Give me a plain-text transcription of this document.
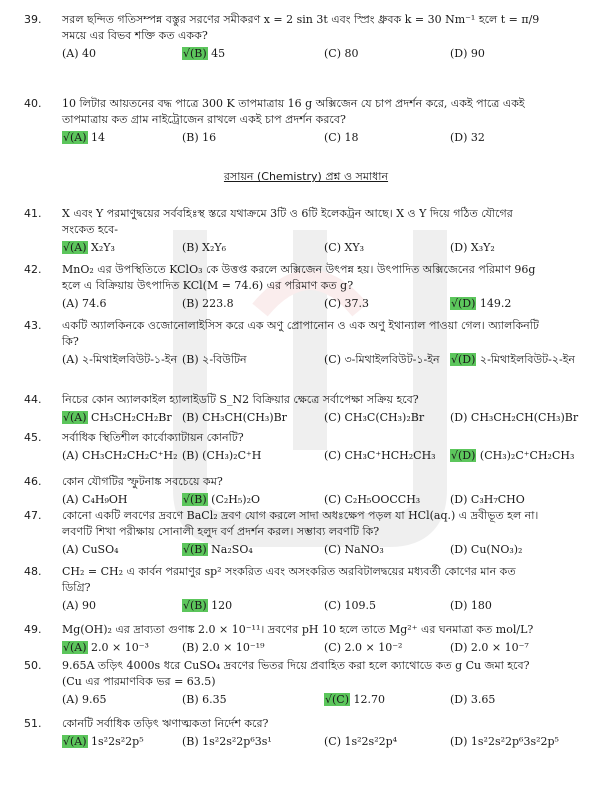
রসায়ন (Chemistry) প্রশ্ন ও সমাধান
39.	সরল ছন্দিত গতিসম্পন্ন বস্তুর সরণের সমীকরণ x = 2 sin 3t এবং স্প্রিং ধ্রুবক k = 30 Nm⁻¹ হলে t = π/9
সময়ে এর বিভব শক্তি কত একক?
(A) 40	√(B) 45	(C) 80	(D) 90
40.	10 লিটার আয়তনের বদ্ধ পাত্রে 300 K তাপমাত্রায় 16 g অক্সিজেন যে চাপ প্রদর্শন করে, একই পাত্রে একই
তাপমাত্রায় কত গ্রাম নাইট্রোজেন রাখলে একই চাপ প্রদর্শন করবে?
√(A) 14	(B) 16	(C) 18	(D) 32
41.	X এবং Y পরমাণুদ্বয়ের সর্ববহিঃস্থ স্তরে যথাক্রমে 3টি ও 6টি ইলেকট্রন আছে। X ও Y দিয়ে গঠিত যৌগের
সংকেত হবে-
√(A) X₂Y₃	(B) X₂Y₆	(C) XY₃	(D) X₃Y₂
42.	MnO₂ এর উপস্থিতিতে KClO₃ কে উত্তপ্ত করলে অক্সিজেন উৎপন্ন হয়। উৎপাদিত অক্সিজেনের পরিমাণ 96g
হলে এ বিক্রিয়ায় উৎপাদিত KCl(M = 74.6) এর পরিমাণ কত g?
(A) 74.6	(B) 223.8	(C) 37.3	√(D) 149.2
43.	একটি অ্যালকিনকে ওজোনোলাইসিস করে এক অণু প্রোপানোন ও এক অণু ইথান্যাল পাওয়া গেল। অ্যালকিনটি
কি?
(A) ২-মিথাইলবিউট-১-ইন (B) ২-বিউটিন	(C) ৩-মিথাইলবিউট-১-ইন √(D) ২-মিথাইলবিউট-২-ইন
44.	নিচের কোন অ্যালকাইল হ্যালাইডটি S_N2 বিক্রিয়ার ক্ষেত্রে সর্বাপেক্ষা সক্রিয় হবে?
√(A) CH₃CH₂CH₂Br (B) CH₃CH(CH₃)Br	(C) CH₃C(CH₃)₂Br (D) CH₃CH₂CH(CH₃)Br
45.	সর্বাধিক স্থিতিশীল কার্বোক্যাটায়ন কোনটি?
(A) CH₃CH₂CH₂C⁺H₂ (B) (CH₃)₂C⁺H	(C) CH₃C⁺HCH₂CH₃ √(D) (CH₃)₂C⁺CH₂CH₃
46.	কোন যৌগটির স্ফুটনাঙ্ক সবচেয়ে কম?
(A) C₄H₉OH	√(B) (C₂H₅)₂O	(C) C₂H₅OOCCH₃	(D) C₃H₇CHO
47.	কোনো একটি লবণের দ্রবণে BaCl₂ দ্রবণ যোগ করলে সাদা অধঃক্ষেপ পড়ল যা HCl(aq.) এ দ্রবীভূত হল না।
লবণটি শিখা পরীক্ষায় সোনালী হলুদ বর্ণ প্রদর্শন করল। সম্ভাব্য লবণটি কি?
(A) CuSO₄	√(B) Na₂SO₄	(C) NaNO₃	(D) Cu(NO₃)₂
48.	CH₂ = CH₂ এ কার্বন পরমাণুর sp² সংকরিত এবং অসংকরিত অরবিটালদ্বয়ের মধ্যবর্তী কোণের মান কত
ডিগ্রি?
(A) 90	√(B) 120	(C) 109.5	(D) 180
49.	Mg(OH)₂ এর দ্রাব্যতা গুণাঙ্ক 2.0 × 10⁻¹¹। দ্রবণের pH 10 হলে তাতে Mg²⁺ এর ঘনমাত্রা কত mol/L?
√(A) 2.0 × 10⁻³	(B) 2.0 × 10⁻¹⁹	(C) 2.0 × 10⁻²	(D) 2.0 × 10⁻⁷
50.	9.65A তড়িৎ 4000s ধরে CuSO₄ দ্রবণের ভিতর দিয়ে প্রবাহিত করা হলে ক্যাথোডে কত g Cu জমা হবে?
(Cu এর পারমাণবিক ভর = 63.5)
(A) 9.65	(B) 6.35	√(C) 12.70	(D) 3.65
51.	কোনটি সর্বাধিক তড়িৎ ঋণাত্মকতা নির্দেশ করে?
√(A) 1s²2s²2p⁵	(B) 1s²2s²2p⁶3s¹	(C) 1s²2s²2p⁴	(D) 1s²2s²2p⁶3s²2p⁵
